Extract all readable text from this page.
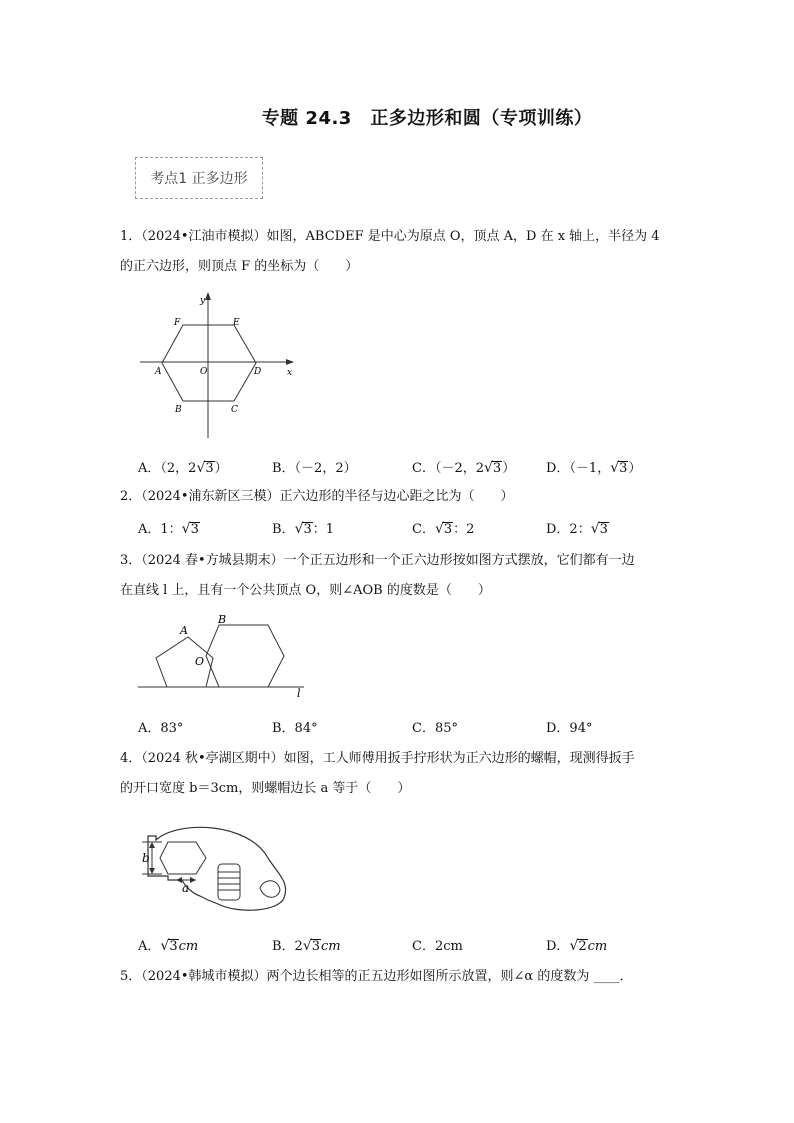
专题 24.3　正多边形和圆（专项训练）
考点1 正多边形
1．（2024•江油市模拟）如图，ABCDEF 是中心为原点 O，顶点 A，D 在 x 轴上，半径为 4
的正六边形，则顶点 F 的坐标为（　　）
y
x
F	E
A	O	D
B	C
A．（2，2√3）	B．（－2，2）	C．（－2，2√3） D．（－1，√3）
2．（2024•浦东新区三模）正六边形的半径与边心距之比为（　　）
A．1：√3	B．√3：1	C．√3：2	D．2：√3
3．（2024 春•方城县期末）一个正五边形和一个正六边形按如图方式摆放，它们都有一边
在直线 l 上，且有一个公共顶点 O，则∠AOB 的度数是（　　）
A
B
O
l
A．83°	B．84°	C．85°	D．94°
4．（2024 秋•亭湖区期中）如图，工人师傅用扳手拧形状为正六边形的螺帽，现测得扳手
的开口宽度 b＝3cm，则螺帽边长 a 等于（　　）
b
a
A．√3cm	B．2√3cm	C．2cm	D．√2cm
5．（2024•韩城市模拟）两个边长相等的正五边形如图所示放置，则∠α 的度数为 ____．
